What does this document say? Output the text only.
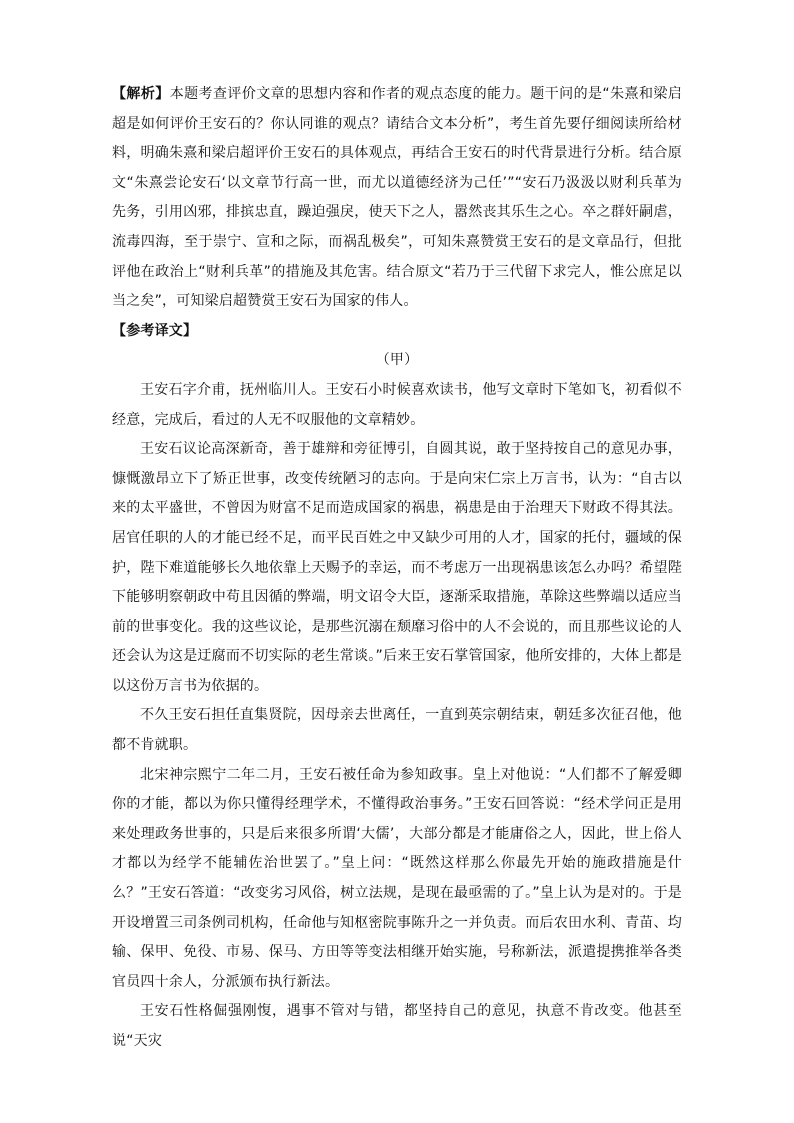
【解析】本题考查评价文章的思想内容和作者的观点态度的能力。题干问的是“朱熹和梁启超是如何评价王安石的？你认同谁的观点？请结合文本分析”，考生首先要仔细阅读所给材料，明确朱熹和梁启超评价王安石的具体观点，再结合王安石的时代背景进行分析。结合原文“朱熹尝论安石‘以文章节行高一世，而尤以道德经济为己任’”“安石乃汲汲以财利兵革为先务，引用凶邪，排摈忠直，躁迫强戾，使天下之人，嚣然丧其乐生之心。卒之群奸嗣虐，流毒四海，至于崇宁、宣和之际，而祸乱极矣”，可知朱熹赞赏王安石的是文章品行，但批评他在政治上“财利兵革”的措施及其危害。结合原文“若乃于三代留下求完人，惟公庶足以当之矣”，可知梁启超赞赏王安石为国家的伟人。

【参考译文】

（甲）

王安石字介甫，抚州临川人。王安石小时候喜欢读书，他写文章时下笔如飞，初看似不经意，完成后，看过的人无不叹服他的文章精妙。

王安石议论高深新奇，善于雄辩和旁征博引，自圆其说，敢于坚持按自己的意见办事，慷慨激昂立下了矫正世事，改变传统陋习的志向。于是向宋仁宗上万言书，认为：“自古以来的太平盛世，不曾因为财富不足而造成国家的祸患，祸患是由于治理天下财政不得其法。居官任职的人的才能已经不足，而平民百姓之中又缺少可用的人才，国家的托付，疆域的保护，陛下难道能够长久地依靠上天赐予的幸运，而不考虑万一出现祸患该怎么办吗？希望陛下能够明察朝政中苟且因循的弊端，明文诏令大臣，逐渐采取措施，革除这些弊端以适应当前的世事变化。我的这些议论，是那些沉溺在颓靡习俗中的人不会说的，而且那些议论的人还会认为这是迂腐而不切实际的老生常谈。”后来王安石掌管国家，他所安排的，大体上都是以这份万言书为依据的。

不久王安石担任直集贤院，因母亲去世离任，一直到英宗朝结束，朝廷多次征召他，他都不肯就职。

北宋神宗熙宁二年二月，王安石被任命为参知政事。皇上对他说：“人们都不了解爱卿你的才能，都以为你只懂得经理学术，不懂得政治事务。”王安石回答说：“经术学问正是用来处理政务世事的，只是后来很多所谓‘大儒’，大部分都是才能庸俗之人，因此，世上俗人才都以为经学不能辅佐治世罢了。”皇上问：“既然这样那么你最先开始的施政措施是什么？”王安石答道：“改变劣习风俗，树立法规，是现在最亟需的了。”皇上认为是对的。于是开设增置三司条例司机构，任命他与知枢密院事陈升之一并负责。而后农田水利、青苗、均输、保甲、免役、市易、保马、方田等等变法相继开始实施，号称新法，派遣提携推举各类官员四十余人，分派颁布执行新法。

王安石性格倔强刚愎，遇事不管对与错，都坚持自己的意见，执意不肯改变。他甚至说“天灾
